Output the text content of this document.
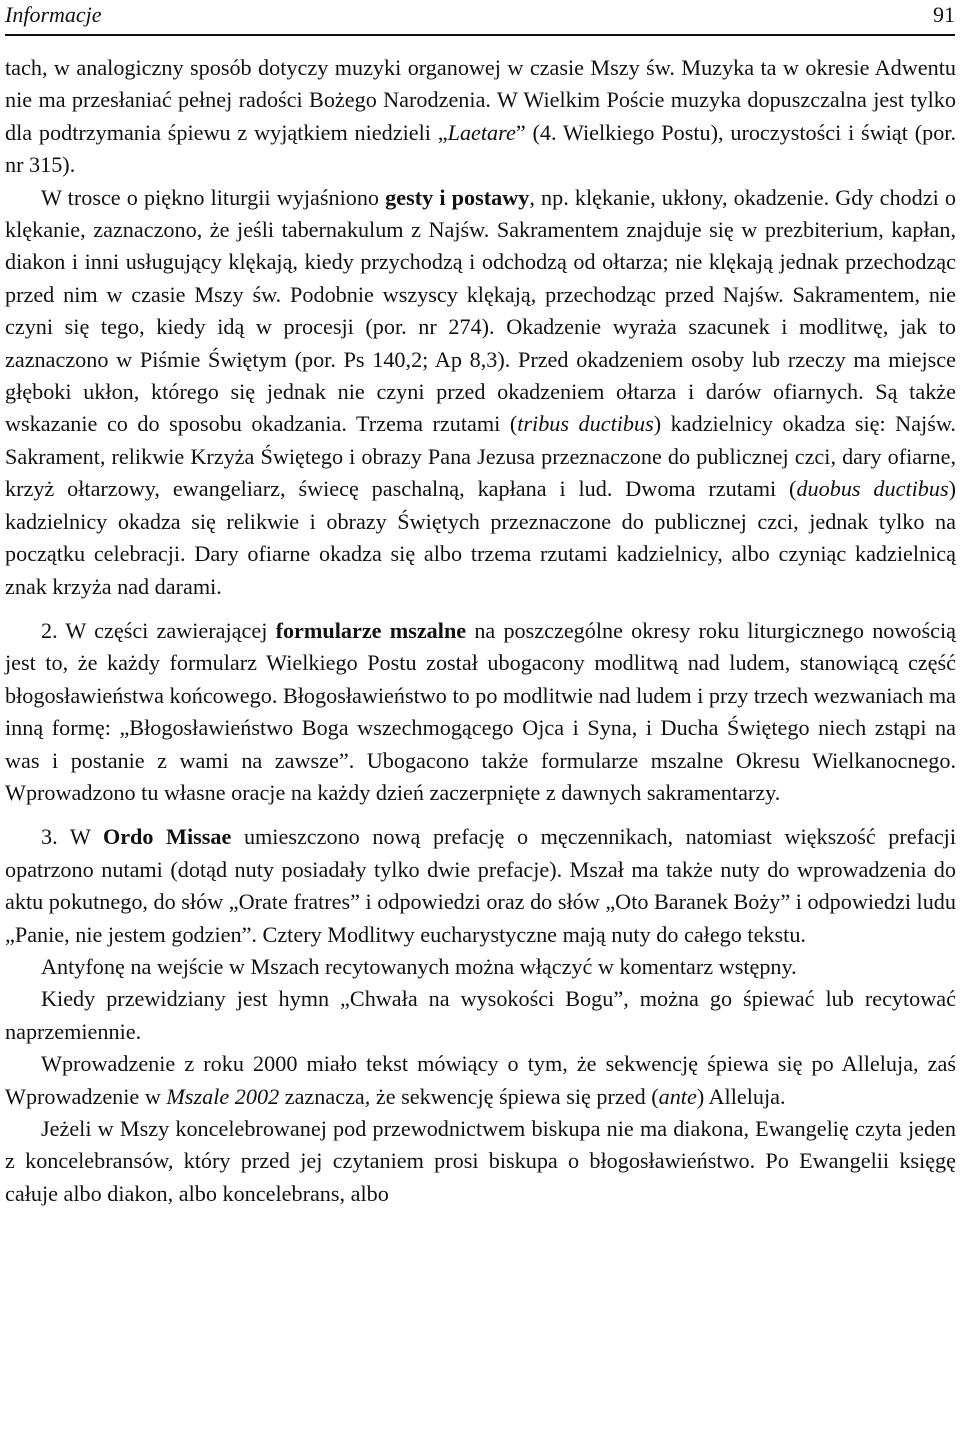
Informacje	91

tach, w analogiczny sposób dotyczy muzyki organowej w czasie Mszy św. Muzyka ta w okresie Adwentu nie ma przesłaniać pełnej radości Bożego Narodzenia. W Wielkim Poście muzyka dopuszczalna jest tylko dla podtrzymania śpiewu z wyjątkiem niedzieli „Laetare” (4. Wielkiego Postu), uroczystości i świąt (por. nr 315).

W trosce o piękno liturgii wyjaśniono gesty i postawy, np. klękanie, ukłony, okadzenie. Gdy chodzi o klękanie, zaznaczono, że jeśli tabernakulum z Najśw. Sakramentem znajduje się w prezbiterium, kapłan, diakon i inni usługujący klękają, kiedy przychodzą i odchodzą od ołtarza; nie klękają jednak przechodząc przed nim w czasie Mszy św. Podobnie wszyscy klękają, przechodząc przed Najśw. Sakramentem, nie czyni się tego, kiedy idą w procesji (por. nr 274). Okadzenie wyraża szacunek i modlitwę, jak to zaznaczono w Piśmie Świętym (por. Ps 140,2; Ap 8,3). Przed okadzeniem osoby lub rzeczy ma miejsce głęboki ukłon, którego się jednak nie czyni przed okadzeniem ołtarza i darów ofiarnych. Są także wskazanie co do sposobu okadzania. Trzema rzutami (tribus ductibus) kadzielnicy okadza się: Najśw. Sakrament, relikwie Krzyża Świętego i obrazy Pana Jezusa przeznaczone do publicznej czci, dary ofiarne, krzyż ołtarzowy, ewangeliarz, świecę paschalną, kapłana i lud. Dwoma rzutami (duobus ductibus) kadzielnicy okadza się relikwie i obrazy Świętych przeznaczone do publicznej czci, jednak tylko na początku celebracji. Dary ofiarne okadza się albo trzema rzutami kadzielnicy, albo czyniąc kadzielnicą znak krzyża nad darami.

2. W części zawierającej formularze mszalne na poszczególne okresy roku liturgicznego nowością jest to, że każdy formularz Wielkiego Postu został ubogacony modlitwą nad ludem, stanowiącą część błogosławieństwa końcowego. Błogosławieństwo to po modlitwie nad ludem i przy trzech wezwaniach ma inną formę: „Błogosławieństwo Boga wszechmogącego Ojca i Syna, i Ducha Świętego niech zstąpi na was i postanie z wami na zawsze”. Ubogacono także formularze mszalne Okresu Wielkanocnego. Wprowadzono tu własne oracje na każdy dzień zaczerpnięte z dawnych sakramentarzy.

3. W Ordo Missae umieszczono nową prefację o męczennikach, natomiast większość prefacji opatrzono nutami (dotąd nuty posiadały tylko dwie prefacje). Mszał ma także nuty do wprowadzenia do aktu pokutnego, do słów „Orate fratres” i odpowiedzi oraz do słów „Oto Baranek Boży” i odpowiedzi ludu „Panie, nie jestem godzien”. Cztery Modlitwy eucharystyczne mają nuty do całego tekstu.

Antyfonę na wejście w Mszach recytowanych można włączyć w komentarz wstępny.

Kiedy przewidziany jest hymn „Chwała na wysokości Bogu”, można go śpiewać lub recytować naprzemiennie.

Wprowadzenie z roku 2000 miało tekst mówiący o tym, że sekwencję śpiewa się po Alleluja, zaś Wprowadzenie w Mszale 2002 zaznacza, że sekwencję śpiewa się przed (ante) Alleluja.

Jeżeli w Mszy koncelebrowanej pod przewodnictwem biskupa nie ma diakona, Ewangelię czyta jeden z koncelebransów, który przed jej czytaniem prosi biskupa o błogosławieństwo. Po Ewangelii księgę całuje albo diakon, albo koncelebrans, albo
